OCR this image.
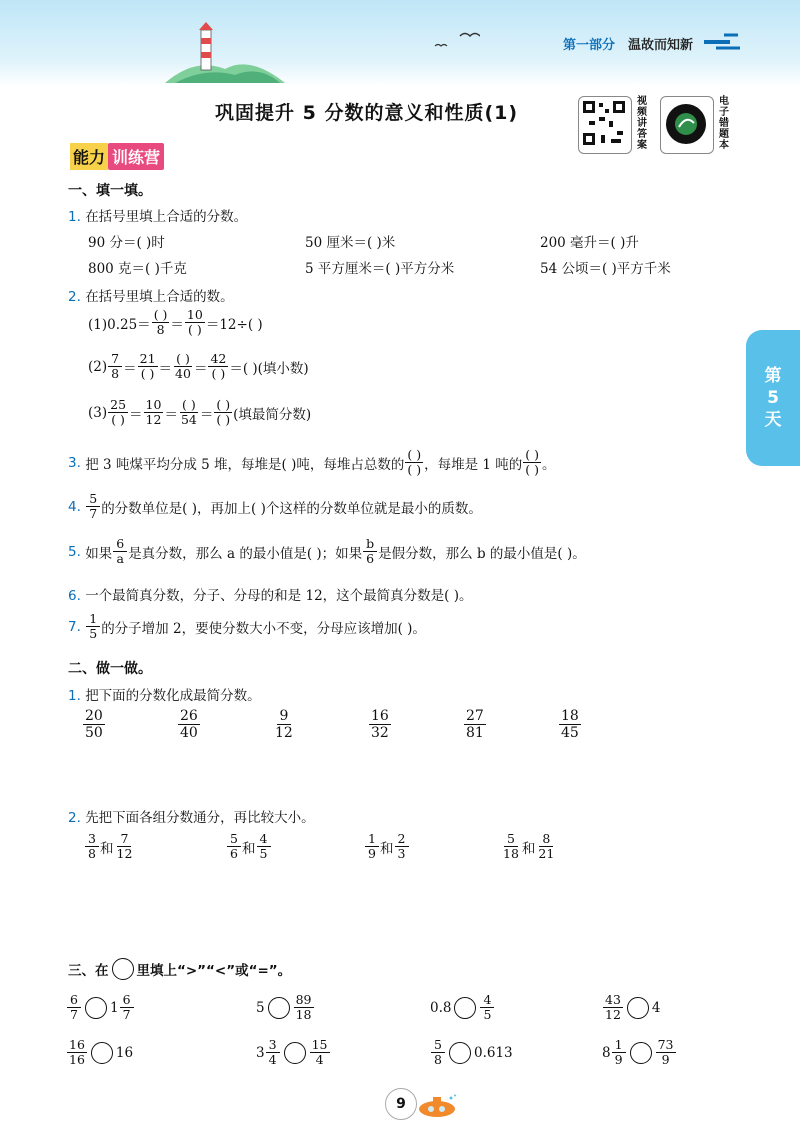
第一部分 温故而知新
巩固提升 5 分数的意义和性质(1)
视频讲答案
电子错题本
能力 训练营
第
5
天
一、填一填。
1. 在括号里填上合适的分数。
90 分＝( )时	50 厘米＝( )米	200 毫升＝( )升
800 克＝( )千克	5 平方厘米＝( )平方分米	54 公顷＝( )平方千米
2. 在括号里填上合适的数。
$(1)0.25= \frac{( )}{8} = \frac{10}{( )} =12\div$( )
$(2) \frac{7}{8} = \frac{21}{( )} = \frac{( )}{40} = \frac{42}{( )}$ ＝( )(填小数)
$(3) \frac{25}{( )} = \frac{10}{12} = \frac{( )}{54} = \frac{( )}{( )}$ (填最简分数)
3.
把 3 吨煤平均分成 5 堆，每堆是( )吨，每堆占总数的 $\frac{( )}{( )}$ ，每堆是 1 吨的 $\frac{( )}{( )}$ 。
4.
$\frac{5}{7}$ 的分数单位是( )，再加上( )个这样的分数单位就是最小的质数。
5.
如果 $\frac{6}{a}$ 是真分数，那么 a 的最小值是( )；如果 $\frac{b}{6}$ 是假分数，那么 b 的最小值是( )。
6. 一个最简真分数，分子、分母的和是 12，这个最简真分数是( )。
7.
$\frac{1}{5}$ 的分子增加 2，要使分数大小不变，分母应该增加( )。
二、做一做。
1. 把下面的分数化成最简分数。
$\frac{20}{50}$	$\frac{26}{40}$	$\frac{9}{12}$	$\frac{16}{32}$	$\frac{27}{81}$	$\frac{18}{45}$
2. 先把下面各组分数通分，再比较大小。
$\frac{3}{8}$ 和 $\frac{7}{12}$	$\frac{5}{6}$ 和 $\frac{4}{5}$	$\frac{1}{9}$ 和 $\frac{2}{3}$	$\frac{5}{18}$ 和 $\frac{8}{21}$
三、在 里填上“>”“<”或“=”。
$\frac{6}{7} 1 \frac{6}{7}$	$5 \frac{89}{18}$	$0.8 \frac{4}{5}$	$\frac{43}{12} 4$
$\frac{16}{16} 16$	$3 \frac{3}{4} \frac{15}{4}$	$\frac{5}{8} 0.613$	$8 \frac{1}{9} \frac{73}{9}$
9
